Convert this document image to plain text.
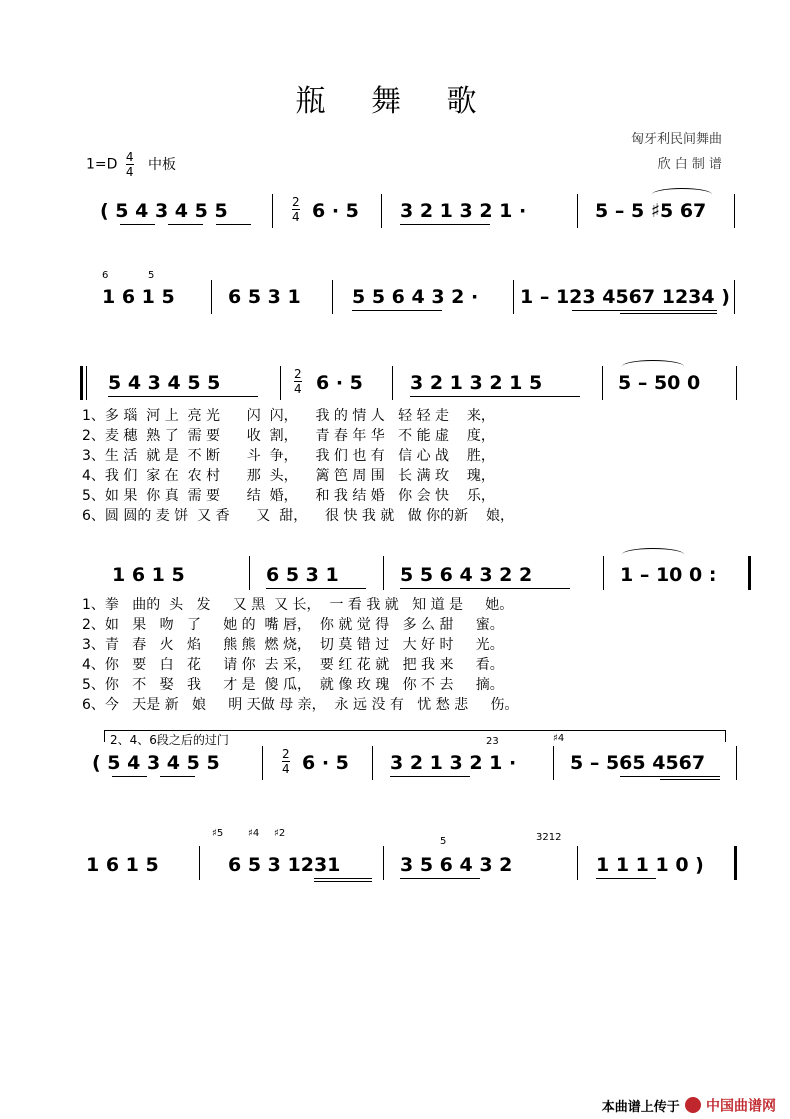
瓶 舞 歌
匈牙利民间舞曲
欣 白 制 谱
$1=D \frac{4}{4}$ 中板
( 5 4 3 4 5 5	$\frac{2}{4} 6 \cdot 5$ 3 2 1 3 2 1 ·	5 – 5 ♯5 67
1 6 1 5
6	5
6 5 3 1	5 5 6 4 3 2 · 1 – 123 4567 1234 )
5 4 3 4 5 5	$\frac{2}{4} 6 \cdot 5$ 3 2 1 3 2 1 5	5 – 50 0
1、多 瑙  河 上  亮 光      闪  闪，    我 的 情 人   轻 轻 走    来，
2、麦 穗  熟 了  需 要      收  割，    青 春 年 华   不 能 虚    度，
3、生 活  就 是  不 断      斗  争，    我 们 也 有   信 心 战    胜，
4、我 们  家 在  农 村      那  头，    篱 笆 周 围   长 满 玫    瑰，
5、如 果  你 真  需 要      结  婚，    和 我 结 婚   你 会 快    乐，
6、圆 圆的 麦 饼  又 香      又  甜，    很 快 我 就   做 你的新    娘，
1 6 1 5	6 5 3 1	5 5 6 4 3 2 2	1 – 10 0 :
1、拳   曲的  头   发     又 黑  又 长，  一 看 我 就   知 道 是     她。
2、如   果   吻   了     她 的  嘴 唇，  你 就 觉 得   多 么 甜     蜜。
3、青   春   火   焰     熊 熊  燃 烧，  切 莫 错 过   大 好 时     光。
4、你   要   白   花     请 你  去 采，  要 红 花 就   把 我 来     看。
5、你   不   娶   我     才 是  傻 瓜，  就 像 玫 瑰   你 不 去     摘。
6、今   天是 新   娘     明 天做 母 亲，  永 远 没 有   忧 愁 悲     伤。
2、4、6段之后的过门
( 5 4 3 4 5 5	$\frac{2}{4} 6 \cdot 5$ 3 2 1 3 2 1 ·	5 – 565 4567
23	♯4
1 6 1 5	6 5 3 1231
♯5 ♯4 ♯2
3 5 6 4 3 2
5	3212
1 1 1 1 0 )
本曲谱上传于 中国曲谱网
